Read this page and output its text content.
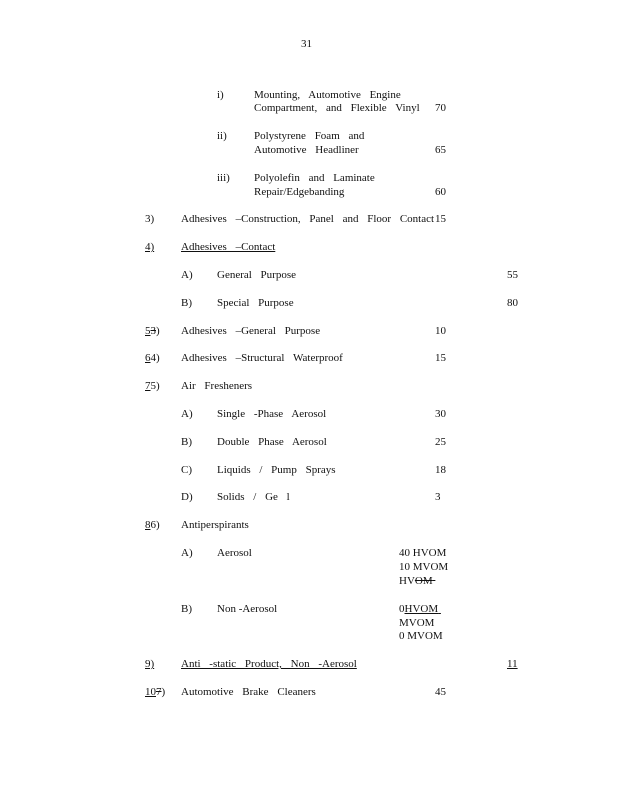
31
i)	Mounting, Automotive Engine
Compartment, and Flexible Vinyl 70
ii) Polystyrene Foam and
Automotive Headliner	65
iii) Polyolefin and Laminate
Repair/Edgebanding	60
3) Adhesives –Construction, Panel and Floor Contact 15
4) Adhesives –Contact
A) General Purpose	55
B) Special Purpose	80
53) Adhesives –General Purpose	10
64) Adhesives –Structural Waterproof	15
75) Air Fresheners
A) Single -Phase Aerosol	30
B) Double Phase Aerosol	25
C) Liquids / Pump Sprays	18
D) Solids / Ge l	3
86) Antiperspirants
A) Aerosol	40 HVOM
10 MVOM
HVOM
B) Non -Aerosol	0HVOM
MVOM
0 MVOM
9) Anti -static Product, Non -Aerosol	11
107) Automotive Brake Cleaners	45
